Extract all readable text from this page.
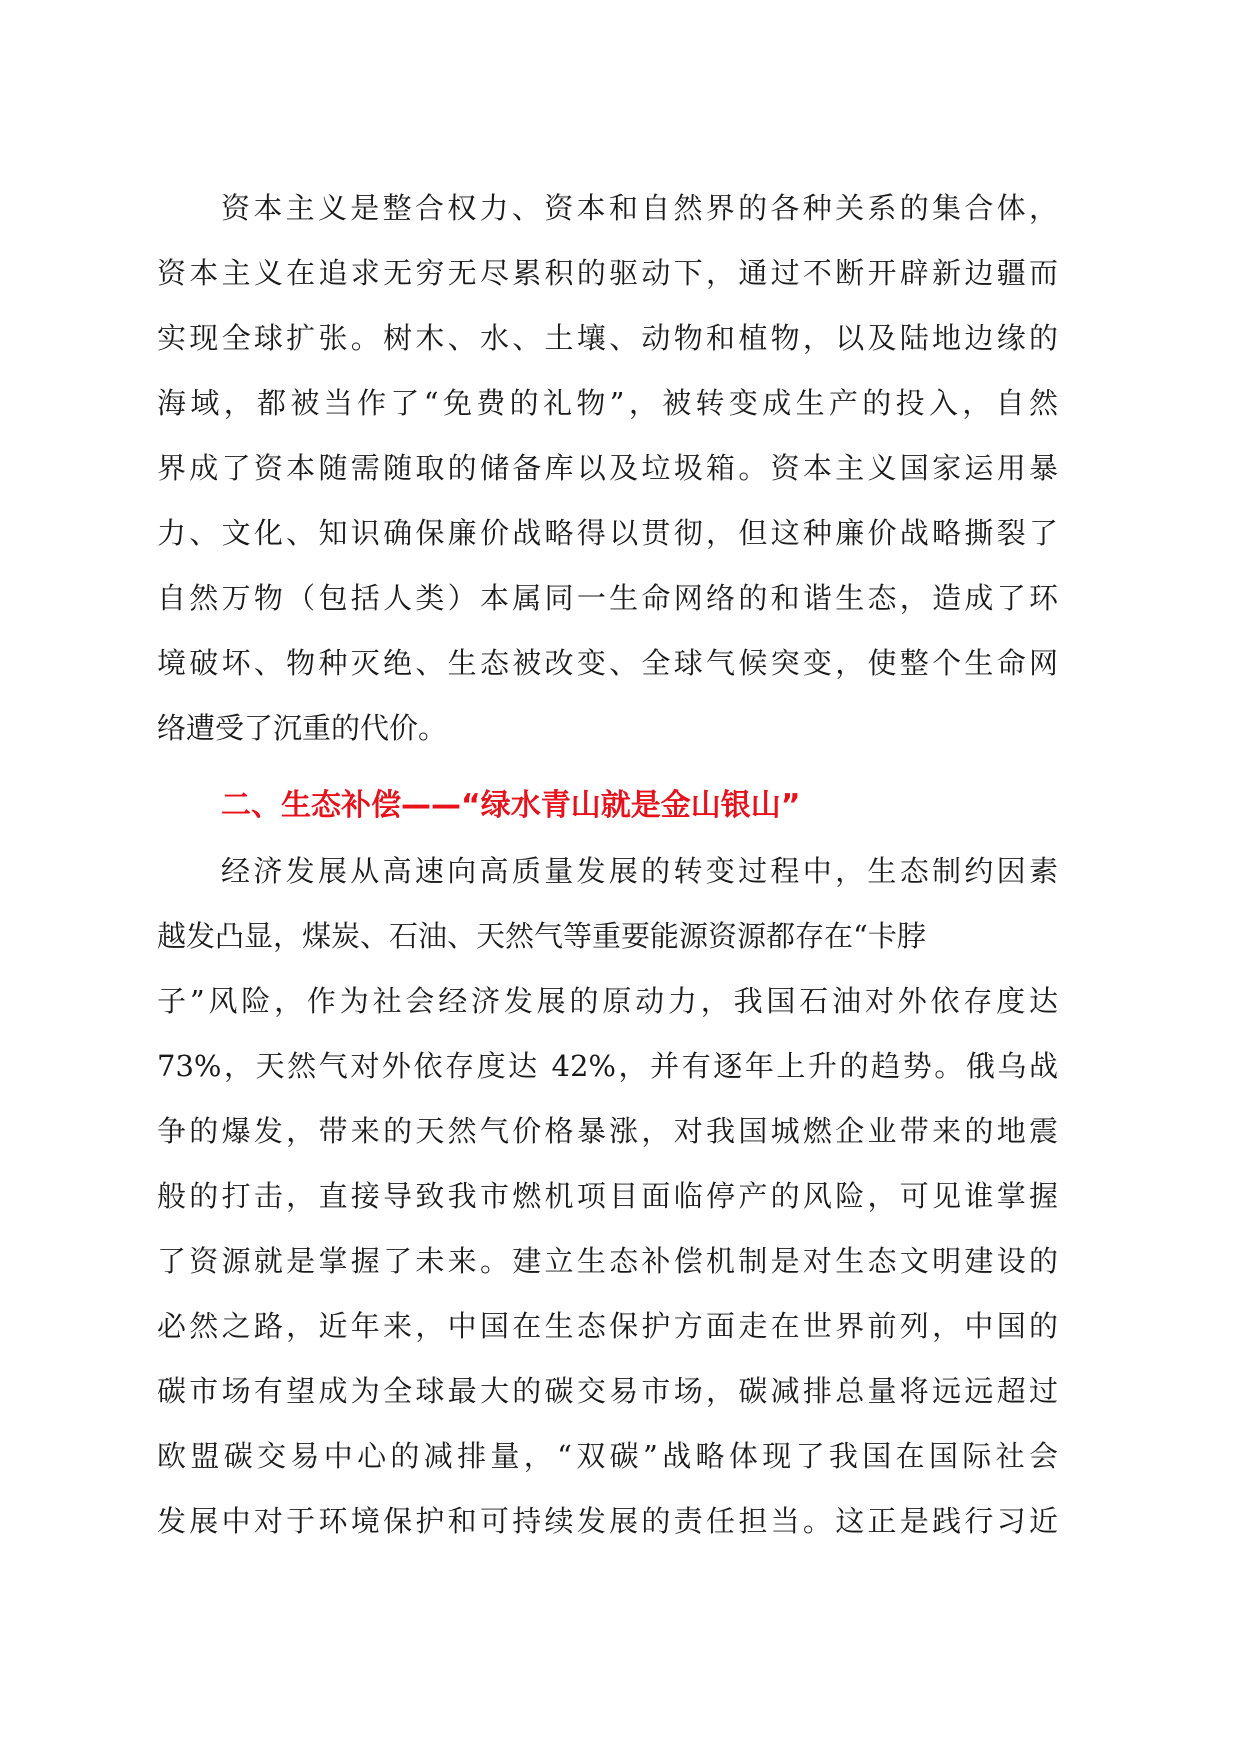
资本主义是整合权力、资本和自然界的各种关系的集合体，

资本主义在追求无穷无尽累积的驱动下，通过不断开辟新边疆而

实现全球扩张。树木、水、土壤、动物和植物，以及陆地边缘的

海域，都被当作了“免费的礼物”，被转变成生产的投入，自然

界成了资本随需随取的储备库以及垃圾箱。资本主义国家运用暴

力、文化、知识确保廉价战略得以贯彻，但这种廉价战略撕裂了

自然万物（包括人类）本属同一生命网络的和谐生态，造成了环

境破坏、物种灭绝、生态被改变、全球气候突变，使整个生命网

络遭受了沉重的代价。

二、生态补偿——“绿水青山就是金山银山”

经济发展从高速向高质量发展的转变过程中，生态制约因素

越发凸显，煤炭、石油、天然气等重要能源资源都存在“卡脖

子”风险，作为社会经济发展的原动力，我国石油对外依存度达

73%，天然气对外依存度达 42%，并有逐年上升的趋势。俄乌战

争的爆发，带来的天然气价格暴涨，对我国城燃企业带来的地震

般的打击，直接导致我市燃机项目面临停产的风险，可见谁掌握

了资源就是掌握了未来。建立生态补偿机制是对生态文明建设的

必然之路，近年来，中国在生态保护方面走在世界前列，中国的

碳市场有望成为全球最大的碳交易市场，碳减排总量将远远超过

欧盟碳交易中心的减排量，“双碳”战略体现了我国在国际社会

发展中对于环境保护和可持续发展的责任担当。这正是践行习近
